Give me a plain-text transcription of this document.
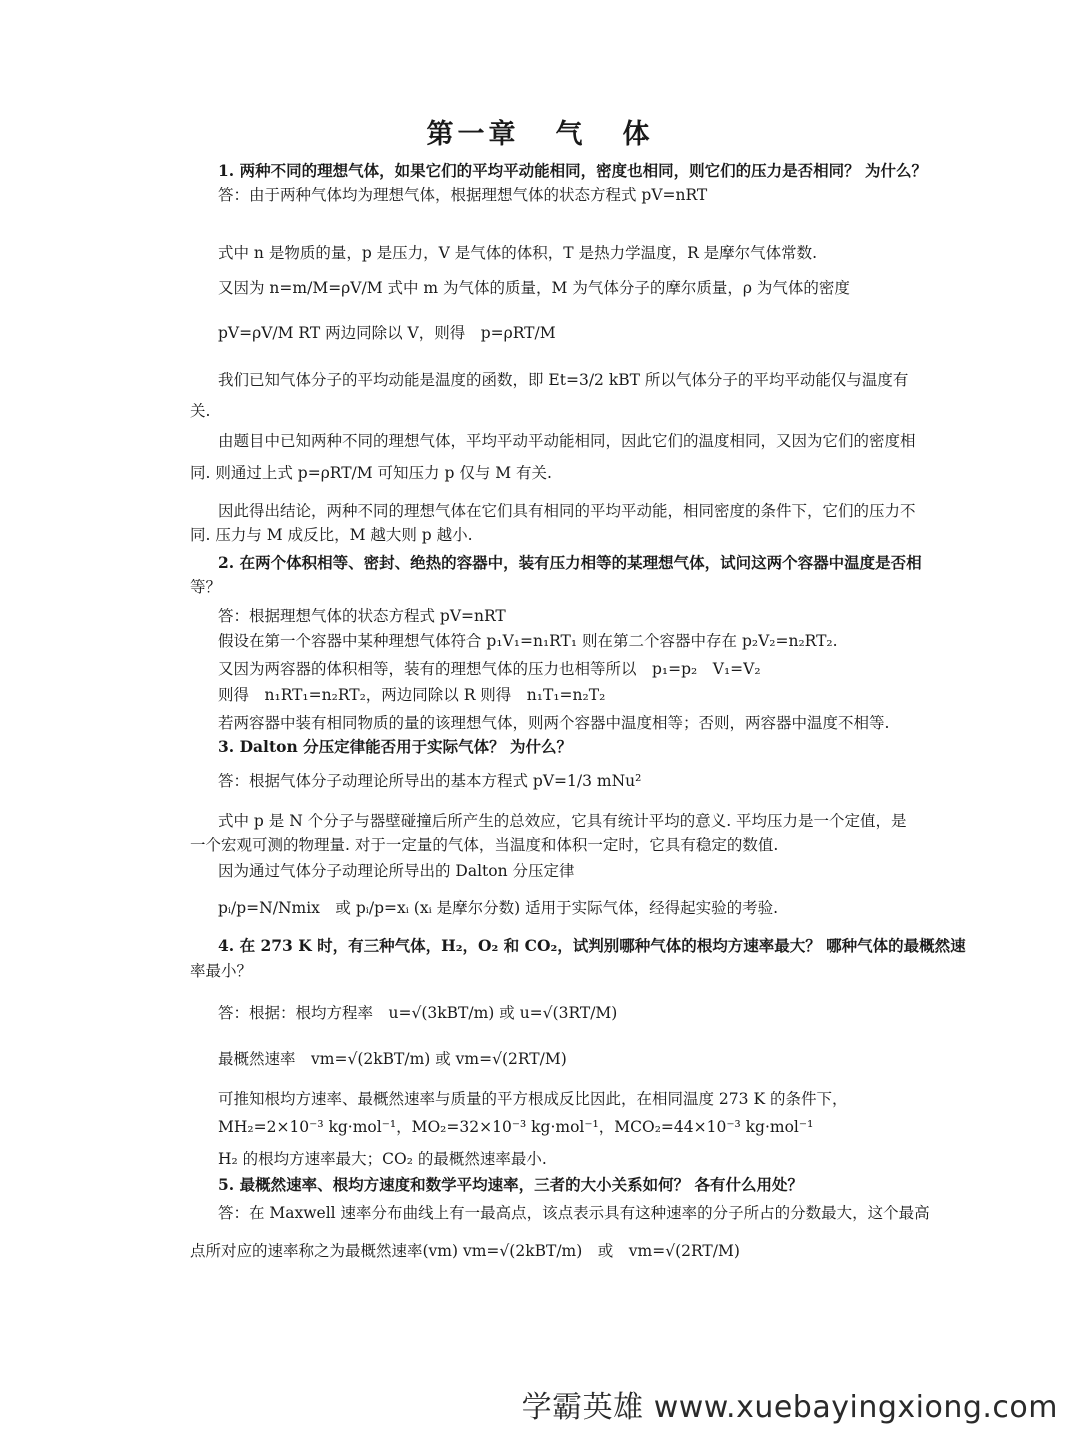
第一章 气 体
1. 两种不同的理想气体，如果它们的平均平动能相同，密度也相同，则它们的压力是否相同？ 为什么？
答：由于两种气体均为理想气体，根据理想气体的状态方程式 pV=nRT
式中 n 是物质的量，p 是压力，V 是气体的体积，T 是热力学温度，R 是摩尔气体常数.
又因为 n=m/M=ρV/M 式中 m 为气体的质量，M 为气体分子的摩尔质量，ρ 为气体的密度
pV=ρV/M RT 两边同除以 V，则得　p=ρRT/M
我们已知气体分子的平均动能是温度的函数，即 Et=3/2 kBT 所以气体分子的平均平动能仅与温度有
关.
由题目中已知两种不同的理想气体，平均平动平动能相同，因此它们的温度相同，又因为它们的密度相
同. 则通过上式 p=ρRT/M 可知压力 p 仅与 M 有关.
因此得出结论，两种不同的理想气体在它们具有相同的平均平动能，相同密度的条件下，它们的压力不
同. 压力与 M 成反比，M 越大则 p 越小.
2. 在两个体积相等、密封、绝热的容器中，装有压力相等的某理想气体，试问这两个容器中温度是否相
等？
答：根据理想气体的状态方程式 pV=nRT
假设在第一个容器中某种理想气体符合 p₁V₁=n₁RT₁ 则在第二个容器中存在 p₂V₂=n₂RT₂.
又因为两容器的体积相等，装有的理想气体的压力也相等所以　p₁=p₂　V₁=V₂
则得　n₁RT₁=n₂RT₂，两边同除以 R 则得　n₁T₁=n₂T₂
若两容器中装有相同物质的量的该理想气体，则两个容器中温度相等；否则，两容器中温度不相等.
3. Dalton 分压定律能否用于实际气体？ 为什么？
答：根据气体分子动理论所导出的基本方程式 pV=1/3 mNu²
式中 p 是 N 个分子与器壁碰撞后所产生的总效应，它具有统计平均的意义. 平均压力是一个定值，是
一个宏观可测的物理量. 对于一定量的气体，当温度和体积一定时，它具有稳定的数值.
因为通过气体分子动理论所导出的 Dalton 分压定律
pᵢ/p=N/Nmix　或 pᵢ/p=xᵢ (xᵢ 是摩尔分数) 适用于实际气体，经得起实验的考验.
4. 在 273 K 时，有三种气体，H₂，O₂ 和 CO₂，试判别哪种气体的根均方速率最大？ 哪种气体的最概然速
率最小？
答：根据：根均方程率　u=√(3kBT/m) 或 u=√(3RT/M)
最概然速率　vm=√(2kBT/m) 或 vm=√(2RT/M)
可推知根均方速率、最概然速率与质量的平方根成反比因此，在相同温度 273 K 的条件下，
MH₂=2×10⁻³ kg·mol⁻¹，MO₂=32×10⁻³ kg·mol⁻¹，MCO₂=44×10⁻³ kg·mol⁻¹
H₂ 的根均方速率最大；CO₂ 的最概然速率最小.
5. 最概然速率、根均方速度和数学平均速率，三者的大小关系如何？ 各有什么用处？
答：在 Maxwell 速率分布曲线上有一最高点，该点表示具有这种速率的分子所占的分数最大，这个最高
点所对应的速率称之为最概然速率(vm) vm=√(2kBT/m)　或　vm=√(2RT/M)
学霸英雄 www.xuebayingxiong.com
